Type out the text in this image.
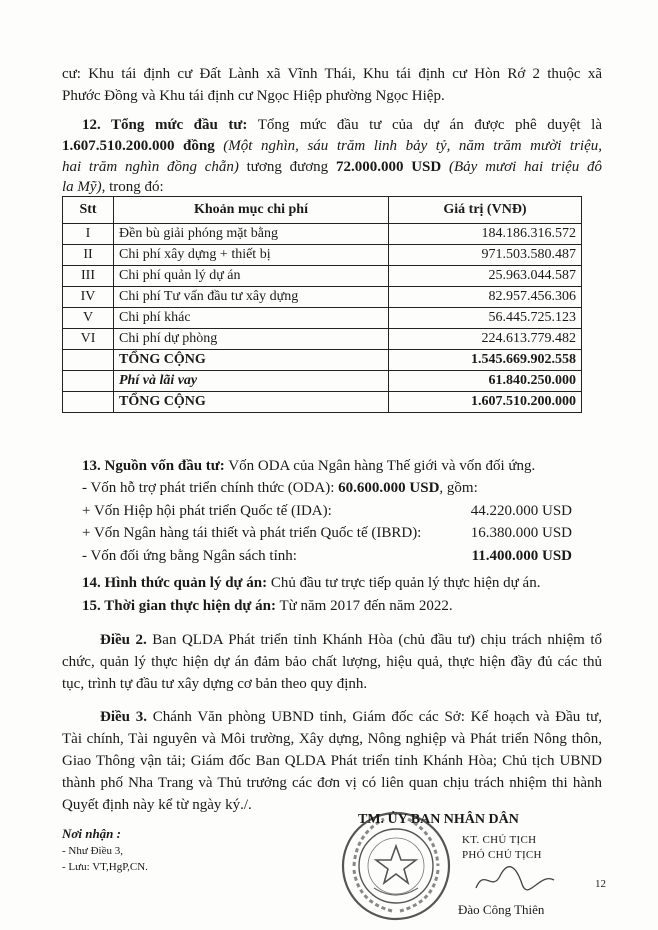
cư: Khu tái định cư Đất Lành xã Vĩnh Thái, Khu tái định cư Hòn Rớ 2 thuộc xã
Phước Đồng và Khu tái định cư Ngọc Hiệp phường Ngọc Hiệp.
12. Tổng mức đầu tư: Tổng mức đầu tư của dự án được phê duyệt là
1.607.510.200.000 đồng (Một nghìn, sáu trăm linh bảy tỷ, năm trăm mười triệu,
hai trăm nghìn đồng chẵn) tương đương 72.000.000 USD (Bảy mươi hai triệu đô
la Mỹ), trong đó:
Stt	Khoản mục chi phí	Giá trị (VNĐ)
I	Đền bù giải phóng mặt bằng	184.186.316.572
II	Chi phí xây dựng + thiết bị	971.503.580.487
III	Chi phí quản lý dự án	25.963.044.587
IV	Chi phí Tư vấn đầu tư xây dựng	82.957.456.306
V	Chi phí khác	56.445.725.123
VI	Chi phí dự phòng	224.613.779.482
	TỔNG CỘNG	1.545.669.902.558
	Phí và lãi vay	61.840.250.000
	TỔNG CỘNG	1.607.510.200.000
13. Nguồn vốn đầu tư: Vốn ODA của Ngân hàng Thế giới và vốn đối ứng.
- Vốn hỗ trợ phát triển chính thức (ODA): 60.600.000 USD, gồm:
+ Vốn Hiệp hội phát triển Quốc tế (IDA):	44.220.000 USD
+ Vốn Ngân hàng tái thiết và phát triển Quốc tế (IBRD):	16.380.000 USD
- Vốn đối ứng bằng Ngân sách tỉnh:	11.400.000 USD
14. Hình thức quản lý dự án: Chủ đầu tư trực tiếp quản lý thực hiện dự án.
15. Thời gian thực hiện dự án: Từ năm 2017 đến năm 2022.
Điều 2. Ban QLDA Phát triển tỉnh Khánh Hòa (chủ đầu tư) chịu trách nhiệm tổ
chức, quản lý thực hiện dự án đảm bảo chất lượng, hiệu quả, thực hiện đầy đủ các thủ
tục, trình tự đầu tư xây dựng cơ bản theo quy định.
Điều 3. Chánh Văn phòng UBND tỉnh, Giám đốc các Sở: Kế hoạch và Đầu tư,
Tài chính, Tài nguyên và Môi trường, Xây dựng, Nông nghiệp và Phát triển Nông thôn,
Giao Thông vận tải; Giám đốc Ban QLDA Phát triển tỉnh Khánh Hòa; Chủ tịch UBND
thành phố Nha Trang và Thủ trưởng các đơn vị có liên quan chịu trách nhiệm thi hành
Quyết định này kể từ ngày ký./.
Nơi nhận :
- Như Điều 3,
- Lưu: VT,HgP,CN.
TM. ỦY BAN NHÂN DÂN
KT. CHỦ TỊCH
PHÓ CHỦ TỊCH
Đào Công Thiên
12
